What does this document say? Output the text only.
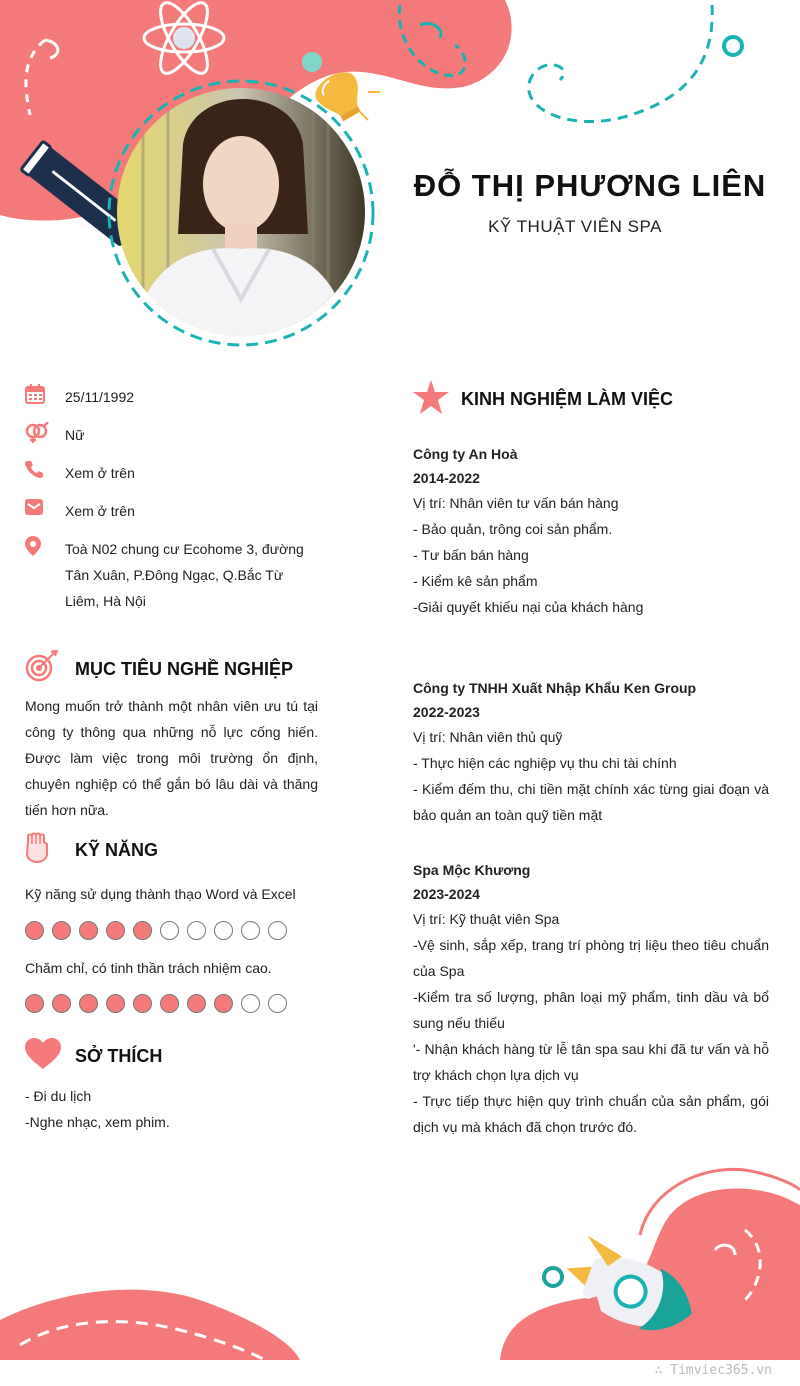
ĐỖ THỊ PHƯƠNG LIÊN
KỸ THUẬT VIÊN SPA
25/11/1992
Nữ
Xem ở trên
Xem ở trên
Toà N02 chung cư Ecohome 3, đường Tân Xuân, P.Đông Ngạc, Q.Bắc Từ Liêm, Hà Nội
MỤC TIÊU NGHỀ NGHIỆP
Mong muốn trở thành một nhân viên ưu tú tại công ty thông qua những nỗ lực cống hiến. Được làm việc trong môi trường ổn định, chuyên nghiệp có thể gắn bó lâu dài và thăng tiến hơn nữa.
KỸ NĂNG
Kỹ năng sử dụng thành thạo Word và Excel
Chăm chỉ, có tinh thần trách nhiệm cao.
SỞ THÍCH
- Đi du lịch
-Nghe nhạc, xem phim.
KINH NGHIỆM LÀM VIỆC
Công ty An Hoà
2014-2022
Vị trí: Nhân viên tư vấn bán hàng
- Bảo quản, trông coi sản phẩm.
- Tư bấn bán hàng
- Kiểm kê sản phẩm
-Giải quyết khiếu nại của khách hàng
Công ty TNHH Xuất Nhập Khẩu Ken Group
2022-2023
Vị trí: Nhân viên thủ quỹ
- Thực hiện các nghiệp vụ thu chi tài chính
- Kiểm đếm thu, chi tiền mặt chính xác từng giai đoạn và bảo quản an toàn quỹ tiền mặt
Spa Mộc Khương
2023-2024
Vị trí: Kỹ thuật viên Spa
-Vệ sinh, sắp xếp, trang trí phòng trị liệu theo tiêu chuẩn của Spa
-Kiểm tra số lượng, phân loại mỹ phẩm, tinh dầu và bổ sung nếu thiếu
'- Nhận khách hàng từ lễ tân spa sau khi đã tư vấn và hỗ trợ khách chọn lựa dịch vụ
- Trực tiếp thực hiện quy trình chuẩn của sản phẩm, gói dịch vụ mà khách đã chọn trước đó.
∴ Timviec365.vn
